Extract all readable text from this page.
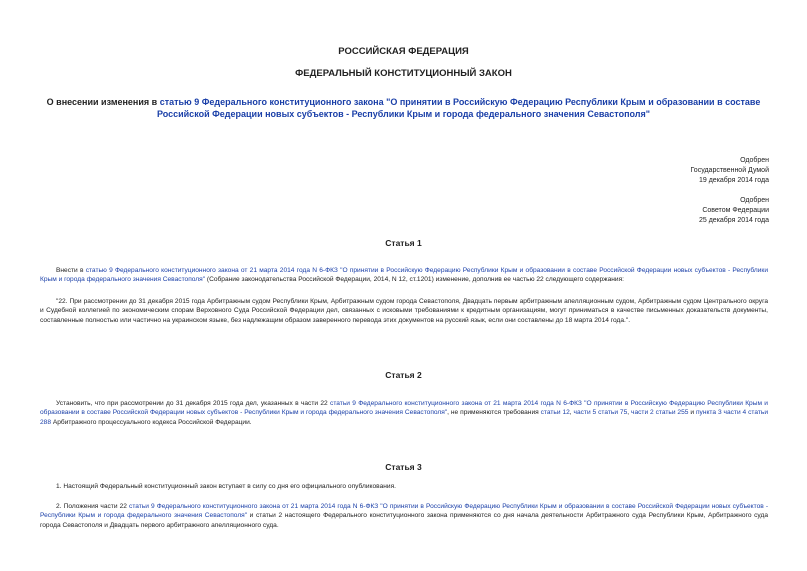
РОССИЙСКАЯ ФЕДЕРАЦИЯ
ФЕДЕРАЛЬНЫЙ КОНСТИТУЦИОННЫЙ ЗАКОН
О внесении изменения в статью 9 Федерального конституционного закона "О принятии в Российскую Федерацию Республики Крым и образовании в составе Российской Федерации новых субъектов - Республики Крым и города федерального значения Севастополя"
Одобрен
Государственной Думой
19 декабря 2014 года
Одобрен
Советом Федерации
25 декабря 2014 года
Статья 1
Внести в статью 9 Федерального конституционного закона от 21 марта 2014 года N 6-ФКЗ "О принятии в Российскую Федерацию Республики Крым и образовании в составе Российской Федерации новых субъектов - Республики Крым и города федерального значения Севастополя" (Собрание законодательства Российской Федерации, 2014, N 12, ст.1201) изменение, дополнив ее частью 22 следующего содержания:
"22. При рассмотрении до 31 декабря 2015 года Арбитражным судом Республики Крым, Арбитражным судом города Севастополя, Двадцать первым арбитражным апелляционным судом, Арбитражным судом Центрального округа и Судебной коллегией по экономическим спорам Верховного Суда Российской Федерации дел, связанных с исковыми требованиями к кредитным организациям, могут приниматься в качестве письменных доказательств документы, составленные полностью или частично на украинском языке, без надлежащим образом заверенного перевода этих документов на русский язык, если они составлены до 18 марта 2014 года.".
Статья 2
Установить, что при рассмотрении до 31 декабря 2015 года дел, указанных в части 22 статьи 9 Федерального конституционного закона от 21 марта 2014 года N 6-ФКЗ "О принятии в Российскую Федерацию Республики Крым и образовании в составе Российской Федерации новых субъектов - Республики Крым и города федерального значения Севастополя", не применяются требования статьи 12, части 5 статьи 75, части 2 статьи 255 и пункта 3 части 4 статьи 288 Арбитражного процессуального кодекса Российской Федерации.
Статья 3
1. Настоящий Федеральный конституционный закон вступает в силу со дня его официального опубликования.
2. Положения части 22 статьи 9 Федерального конституционного закона от 21 марта 2014 года N 6-ФКЗ "О принятии в Российскую Федерацию Республики Крым и образовании в составе Российской Федерации новых субъектов - Республики Крым и города федерального значения Севастополя" и статьи 2 настоящего Федерального конституционного закона применяются со дня начала деятельности Арбитражного суда Республики Крым, Арбитражного суда города Севастополя и Двадцать первого арбитражного апелляционного суда.
